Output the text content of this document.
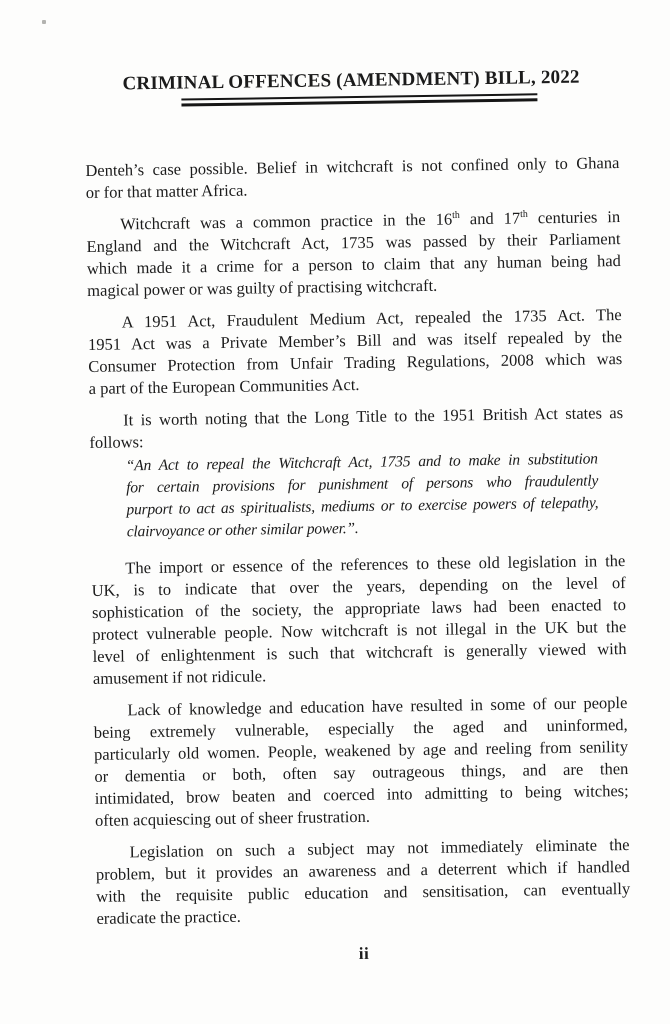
CRIMINAL OFFENCES (AMENDMENT) BILL, 2022
Denteh’s case possible. Belief in witchcraft is not confined only to Ghana
or for that matter Africa.
Witchcraft was a common practice in the 16th and 17th centuries in
England and the Witchcraft Act, 1735 was passed by their Parliament
which made it a crime for a person to claim that any human being had
magical power or was guilty of practising witchcraft.
A 1951 Act, Fraudulent Medium Act, repealed the 1735 Act. The
1951 Act was a Private Member’s Bill and was itself repealed by the
Consumer Protection from Unfair Trading Regulations, 2008 which was
a part of the European Communities Act.
It is worth noting that the Long Title to the 1951 British Act states as
follows:
“An Act to repeal the Witchcraft Act, 1735 and to make in substitution
for certain provisions for punishment of persons who fraudulently
purport to act as spiritualists, mediums or to exercise powers of telepathy,
clairvoyance or other similar power.”.
The import or essence of the references to these old legislation in the
UK, is to indicate that over the years, depending on the level of
sophistication of the society, the appropriate laws had been enacted to
protect vulnerable people. Now witchcraft is not illegal in the UK but the
level of enlightenment is such that witchcraft is generally viewed with
amusement if not ridicule.
Lack of knowledge and education have resulted in some of our people
being extremely vulnerable, especially the aged and uninformed,
particularly old women. People, weakened by age and reeling from senility
or dementia or both, often say outrageous things, and are then
intimidated, brow beaten and coerced into admitting to being witches;
often acquiescing out of sheer frustration.
Legislation on such a subject may not immediately eliminate the
problem, but it provides an awareness and a deterrent which if handled
with the requisite public education and sensitisation, can eventually
eradicate the practice.
ii
